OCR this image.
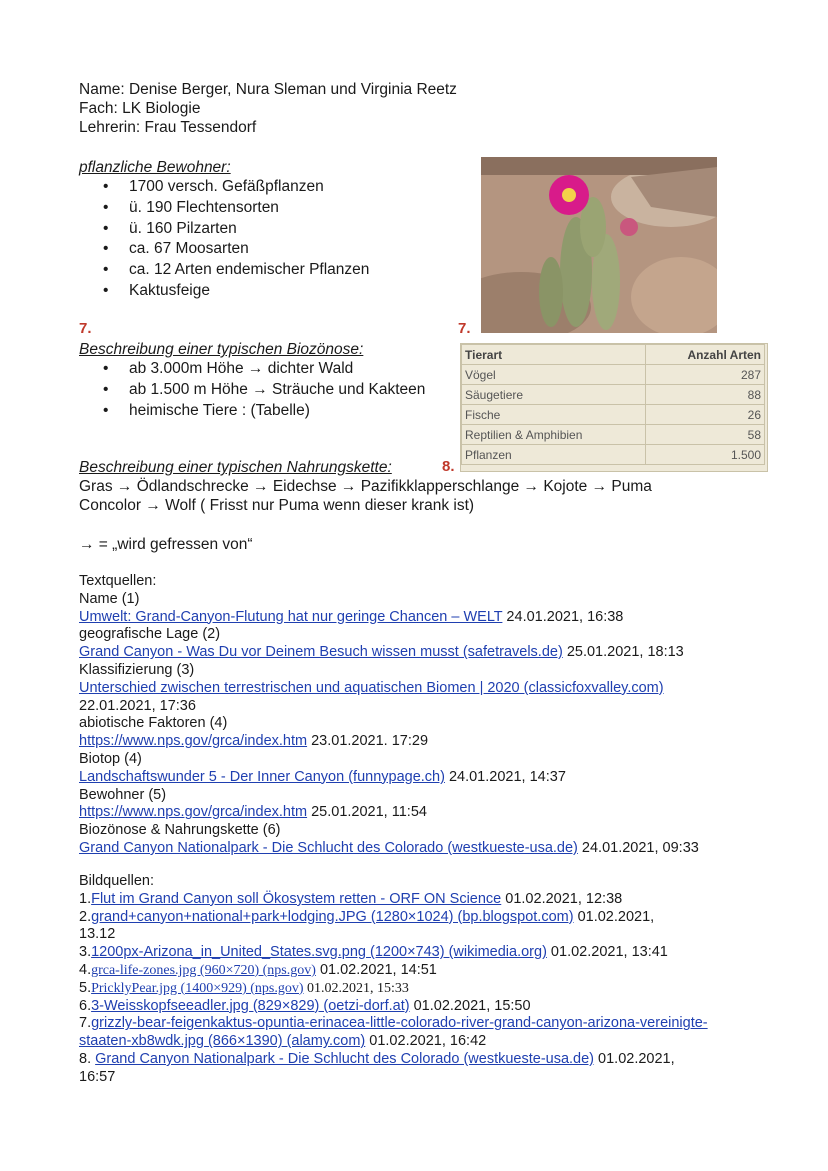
Name: Denise Berger, Nura Sleman und Virginia Reetz
Fach: LK Biologie
Lehrerin: Frau Tessendorf
pflanzliche Bewohner:
• 1700 versch. Gefäßpflanzen
• ü. 190 Flechtensorten
• ü. 160 Pilzarten
• ca. 67 Moosarten
• ca. 12 Arten endemischer Pflanzen
• Kaktusfeige
7.	7.
Beschreibung einer typischen Biozönose:
• ab 3.000m Höhe → dichter Wald
• ab 1.500 m Höhe → Sträuche und Kakteen
• heimische Tiere : (Tabelle)
Tierart	Anzahl Arten
Vögel	287
Säugetiere	88
Fische	26
Reptilien & Amphibien	58
Pflanzen	1.500
Beschreibung einer typischen Nahrungskette:	8.
Gras → Ödlandschrecke → Eidechse → Pazifikklapperschlange → Kojote → Puma
Concolor → Wolf ( Frisst nur Puma wenn dieser krank ist)
→ = „wird gefressen von“
Textquellen:
Name (1)
Umwelt: Grand-Canyon-Flutung hat nur geringe Chancen – WELT 24.01.2021, 16:38
geografische Lage (2)
Grand Canyon - Was Du vor Deinem Besuch wissen musst (safetravels.de) 25.01.2021, 18:13
Klassifizierung (3)
Unterschied zwischen terrestrischen und aquatischen Biomen | 2020 (classicfoxvalley.com)
22.01.2021, 17:36
abiotische Faktoren (4)
https://www.nps.gov/grca/index.htm 23.01.2021. 17:29
Biotop (4)
Landschaftswunder 5 - Der Inner Canyon (funnypage.ch) 24.01.2021, 14:37
Bewohner (5)
https://www.nps.gov/grca/index.htm 25.01.2021, 11:54
Biozönose & Nahrungskette (6)
Grand Canyon Nationalpark - Die Schlucht des Colorado (westkueste-usa.de) 24.01.2021, 09:33
Bildquellen:
1.Flut im Grand Canyon soll Ökosystem retten - ORF ON Science 01.02.2021, 12:38
2.grand+canyon+national+park+lodging.JPG (1280×1024) (bp.blogspot.com) 01.02.2021,
13.12
3.1200px-Arizona_in_United_States.svg.png (1200×743) (wikimedia.org) 01.02.2021, 13:41
4.grca-life-zones.jpg (960×720) (nps.gov) 01.02.2021, 14:51
5.PricklyPear.jpg (1400×929) (nps.gov) 01.02.2021, 15:33
6.3-Weisskopfseeadler.jpg (829×829) (oetzi-dorf.at) 01.02.2021, 15:50
7.grizzly-bear-feigenkaktus-opuntia-erinacea-little-colorado-river-grand-canyon-arizona-vereinigte-
staaten-xb8wdk.jpg (866×1390) (alamy.com) 01.02.2021, 16:42
8. Grand Canyon Nationalpark - Die Schlucht des Colorado (westkueste-usa.de) 01.02.2021,
16:57
